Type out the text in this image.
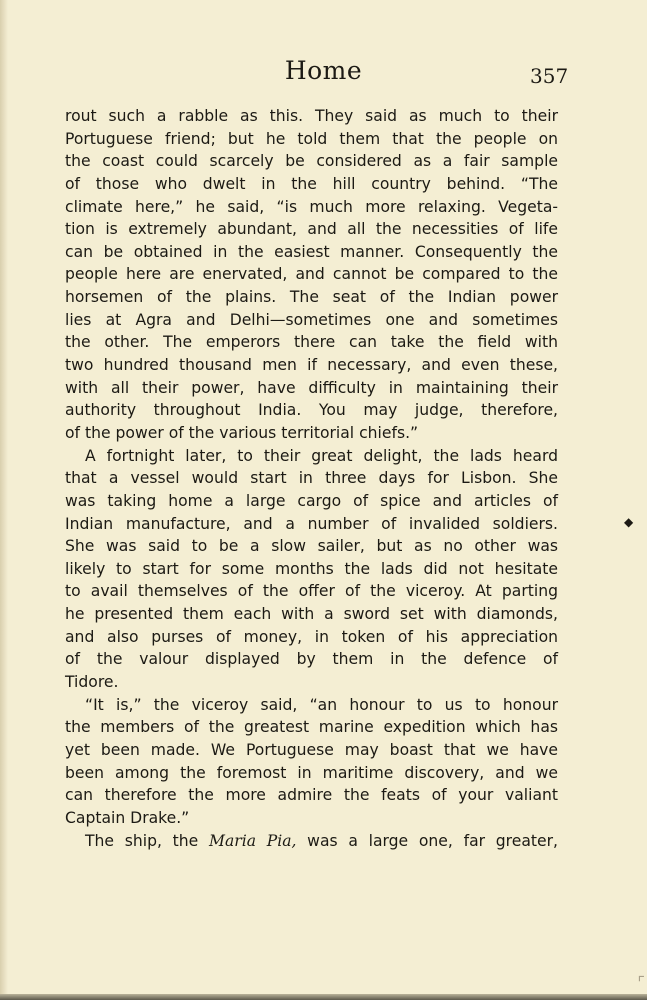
Home	357
rout such a rabble as this. They said as much to their
Portuguese friend; but he told them that the people on
the coast could scarcely be considered as a fair sample
of those who dwelt in the hill country behind. “The
climate here,” he said, “is much more relaxing. Vegeta-
tion is extremely abundant, and all the necessities of life
can be obtained in the easiest manner. Consequently the
people here are enervated, and cannot be compared to the
horsemen of the plains. The seat of the Indian power
lies at Agra and Delhi—sometimes one and sometimes
the other. The emperors there can take the field with
two hundred thousand men if necessary, and even these,
with all their power, have difficulty in maintaining their
authority throughout India. You may judge, therefore,
of the power of the various territorial chiefs.”
A fortnight later, to their great delight, the lads heard
that a vessel would start in three days for Lisbon. She
was taking home a large cargo of spice and articles of
Indian manufacture, and a number of invalided soldiers.
She was said to be a slow sailer, but as no other was
likely to start for some months the lads did not hesitate
to avail themselves of the offer of the viceroy. At parting
he presented them each with a sword set with diamonds,
and also purses of money, in token of his appreciation
of the valour displayed by them in the defence of
Tidore.
“It is,” the viceroy said, “an honour to us to honour
the members of the greatest marine expedition which has
yet been made. We Portuguese may boast that we have
been among the foremost in maritime discovery, and we
can therefore the more admire the feats of your valiant
Captain Drake.”
The ship, the Maria Pia, was a large one, far greater,
◆
⌜
